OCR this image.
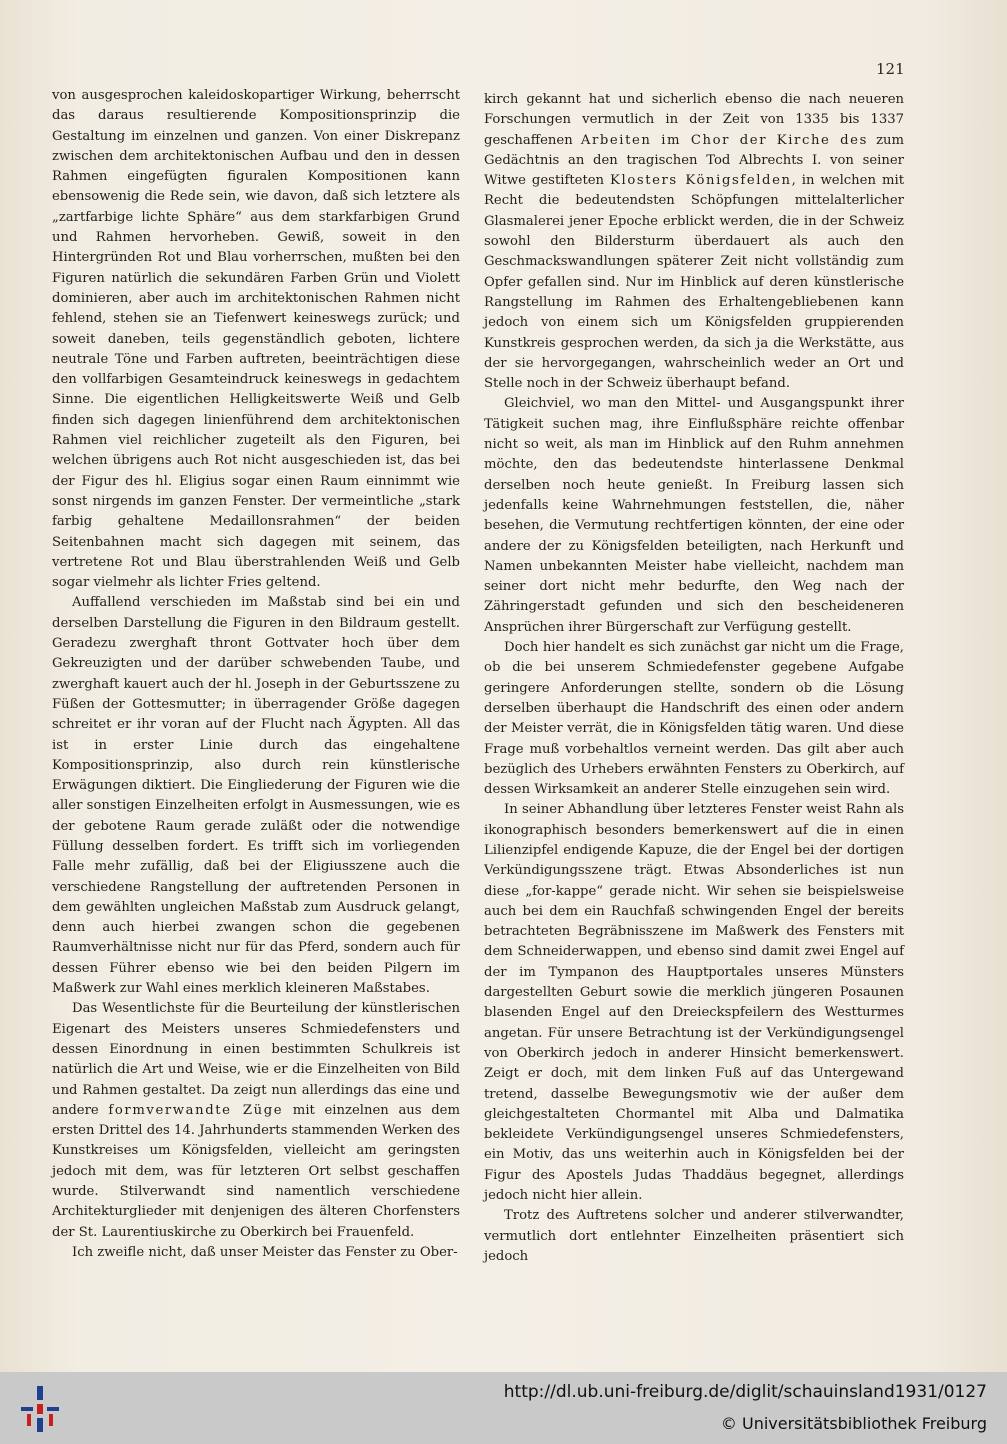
121

von ausgesprochen kaleidoskopartiger Wirkung, beherrscht das daraus resultierende Kompositionsprinzip die Gestaltung im einzelnen und ganzen. Von einer Diskrepanz zwischen dem architektonischen Aufbau und den in dessen Rahmen eingefügten figuralen Kompositionen kann ebensowenig die Rede sein, wie davon, daß sich letztere als „zartfarbige lichte Sphäre“ aus dem starkfarbigen Grund und Rahmen hervorheben. Gewiß, soweit in den Hintergründen Rot und Blau vorherrschen, mußten bei den Figuren natürlich die sekundären Farben Grün und Violett dominieren, aber auch im architektonischen Rahmen nicht fehlend, stehen sie an Tiefenwert keineswegs zurück; und soweit daneben, teils gegenständlich geboten, lichtere neutrale Töne und Farben auftreten, beeinträchtigen diese den vollfarbigen Gesamteindruck keineswegs in gedachtem Sinne. Die eigentlichen Helligkeitswerte Weiß und Gelb finden sich dagegen linienführend dem architektonischen Rahmen viel reichlicher zugeteilt als den Figuren, bei welchen übrigens auch Rot nicht ausgeschieden ist, das bei der Figur des hl. Eligius sogar einen Raum einnimmt wie sonst nirgends im ganzen Fenster. Der vermeintliche „stark farbig gehaltene Medaillonsrahmen“ der beiden Seitenbahnen macht sich dagegen mit seinem, das vertretene Rot und Blau überstrahlenden Weiß und Gelb sogar vielmehr als lichter Fries geltend.

Auffallend verschieden im Maßstab sind bei ein und derselben Darstellung die Figuren in den Bildraum gestellt. Geradezu zwerghaft thront Gottvater hoch über dem Gekreuzigten und der darüber schwebenden Taube, und zwerghaft kauert auch der hl. Joseph in der Geburtsszene zu Füßen der Gottesmutter; in überragender Größe dagegen schreitet er ihr voran auf der Flucht nach Ägypten. All das ist in erster Linie durch das eingehaltene Kompositionsprinzip, also durch rein künstlerische Erwägungen diktiert. Die Eingliederung der Figuren wie die aller sonstigen Einzelheiten erfolgt in Ausmessungen, wie es der gebotene Raum gerade zuläßt oder die notwendige Füllung desselben fordert. Es trifft sich im vorliegenden Falle mehr zufällig, daß bei der Eligiusszene auch die verschiedene Rangstellung der auftretenden Personen in dem gewählten ungleichen Maßstab zum Ausdruck gelangt, denn auch hierbei zwangen schon die gegebenen Raumverhältnisse nicht nur für das Pferd, sondern auch für dessen Führer ebenso wie bei den beiden Pilgern im Maßwerk zur Wahl eines merklich kleineren Maßstabes.

Das Wesentlichste für die Beurteilung der künstlerischen Eigenart des Meisters unseres Schmiedefensters und dessen Einordnung in einen bestimmten Schulkreis ist natürlich die Art und Weise, wie er die Einzelheiten von Bild und Rahmen gestaltet. Da zeigt nun allerdings das eine und andere formverwandte Züge mit einzelnen aus dem ersten Drittel des 14. Jahrhunderts stammenden Werken des Kunstkreises um Königsfelden, vielleicht am geringsten jedoch mit dem, was für letzteren Ort selbst geschaffen wurde. Stilverwandt sind namentlich verschiedene Architekturglieder mit denjenigen des älteren Chorfensters der St. Laurentiuskirche zu Oberkirch bei Frauenfeld.

Ich zweifle nicht, daß unser Meister das Fenster zu Ober-

kirch gekannt hat und sicherlich ebenso die nach neueren Forschungen vermutlich in der Zeit von 1335 bis 1337 geschaffenen Arbeiten im Chor der Kirche des zum Gedächtnis an den tragischen Tod Albrechts I. von seiner Witwe gestifteten Klosters Königsfelden, in welchen mit Recht die bedeutendsten Schöpfungen mittelalterlicher Glasmalerei jener Epoche erblickt werden, die in der Schweiz sowohl den Bildersturm überdauert als auch den Geschmackswandlungen späterer Zeit nicht vollständig zum Opfer gefallen sind. Nur im Hinblick auf deren künstlerische Rangstellung im Rahmen des Erhaltengebliebenen kann jedoch von einem sich um Königsfelden gruppierenden Kunstkreis gesprochen werden, da sich ja die Werkstätte, aus der sie hervorgegangen, wahrscheinlich weder an Ort und Stelle noch in der Schweiz überhaupt befand.

Gleichviel, wo man den Mittel- und Ausgangspunkt ihrer Tätigkeit suchen mag, ihre Einflußsphäre reichte offenbar nicht so weit, als man im Hinblick auf den Ruhm annehmen möchte, den das bedeutendste hinterlassene Denkmal derselben noch heute genießt. In Freiburg lassen sich jedenfalls keine Wahrnehmungen feststellen, die, näher besehen, die Vermutung rechtfertigen könnten, der eine oder andere der zu Königsfelden beteiligten, nach Herkunft und Namen unbekannten Meister habe vielleicht, nachdem man seiner dort nicht mehr bedurfte, den Weg nach der Zähringerstadt gefunden und sich den bescheideneren Ansprüchen ihrer Bürgerschaft zur Verfügung gestellt.

Doch hier handelt es sich zunächst gar nicht um die Frage, ob die bei unserem Schmiedefenster gegebene Aufgabe geringere Anforderungen stellte, sondern ob die Lösung derselben überhaupt die Handschrift des einen oder andern der Meister verrät, die in Königsfelden tätig waren. Und diese Frage muß vorbehaltlos verneint werden. Das gilt aber auch bezüglich des Urhebers erwähnten Fensters zu Oberkirch, auf dessen Wirksamkeit an anderer Stelle einzugehen sein wird.

In seiner Abhandlung über letzteres Fenster weist Rahn als ikonographisch besonders bemerkenswert auf die in einen Lilienzipfel endigende Kapuze, die der Engel bei der dortigen Verkündigungsszene trägt. Etwas Absonderliches ist nun diese „for-kappe“ gerade nicht. Wir sehen sie beispielsweise auch bei dem ein Rauchfaß schwingenden Engel der bereits betrachteten Begräbnisszene im Maßwerk des Fensters mit dem Schneiderwappen, und ebenso sind damit zwei Engel auf der im Tympanon des Hauptportales unseres Münsters dargestellten Geburt sowie die merklich jüngeren Posaunen blasenden Engel auf den Dreieckspfeilern des Westturmes angetan. Für unsere Betrachtung ist der Verkündigungsengel von Oberkirch jedoch in anderer Hinsicht bemerkenswert. Zeigt er doch, mit dem linken Fuß auf das Untergewand tretend, dasselbe Bewegungsmotiv wie der außer dem gleichgestalteten Chormantel mit Alba und Dalmatika bekleidete Verkündigungsengel unseres Schmiedefensters, ein Motiv, das uns weiterhin auch in Königsfelden bei der Figur des Apostels Judas Thaddäus begegnet, allerdings jedoch nicht hier allein.

Trotz des Auftretens solcher und anderer stilverwandter, vermutlich dort entlehnter Einzelheiten präsentiert sich jedoch

http://dl.ub.uni-freiburg.de/diglit/schauinsland1931/0127
© Universitätsbibliothek Freiburg
